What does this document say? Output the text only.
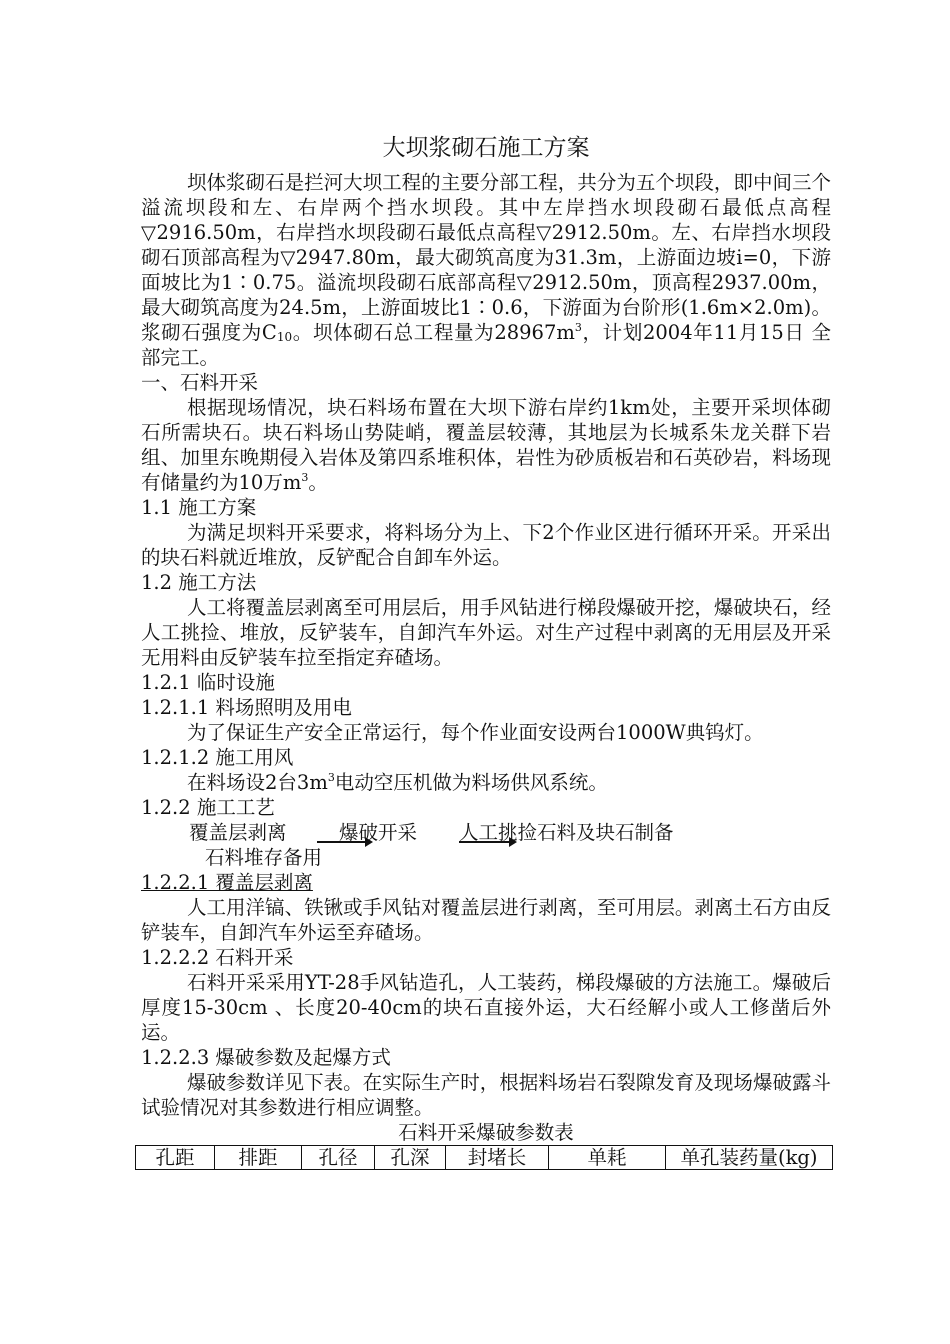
大坝浆砌石施工方案

坝体浆砌石是拦河大坝工程的主要分部工程，共分为五个坝段，即中间三个溢流坝段和左、右岸两个挡水坝段。其中左岸挡水坝段砌石最低点高程▽2916.50m，右岸挡水坝段砌石最低点高程▽2912.50m。左、右岸挡水坝段砌石顶部高程为▽2947.80m，最大砌筑高度为31.3m，上游面边坡i=0，下游面坡比为1∶0.75。溢流坝段砌石底部高程▽2912.50m，顶高程2937.00m，最大砌筑高度为24.5m，上游面坡比1∶0.6，下游面为台阶形(1.6m×2.0m)。浆砌石强度为$C_{10}$。坝体砌石总工程量为$28967m^3$，计划2004年11月15日 全部完工。

一、石料开采

根据现场情况，块石料场布置在大坝下游右岸约1km处，主要开采坝体砌石所需块石。块石料场山势陡峭，覆盖层较薄，其地层为长城系朱龙关群下岩组、加里东晚期侵入岩体及第四系堆积体，岩性为砂质板岩和石英砂岩，料场现有储量约为10万$m^3$。

1.1 施工方案

为满足坝料开采要求，将料场分为上、下2个作业区进行循环开采。开采出的块石料就近堆放，反铲配合自卸车外运。

1.2 施工方法

人工将覆盖层剥离至可用层后，用手风钻进行梯段爆破开挖，爆破块石，经人工挑捡、堆放，反铲装车，自卸汽车外运。对生产过程中剥离的无用层及开采无用料由反铲装车拉至指定弃碴场。

1.2.1 临时设施
1.2.1.1 料场照明及用电

为了保证生产安全正常运行，每个作业面安设两台1000W典钨灯。

1.2.1.2 施工用风

在料场设2台$3m^3$电动空压机做为料场供风系统。

1.2.2 施工工艺
覆盖层剥离	爆破开采 人工挑捡石料及块石制备
石料堆存备用
1.2.2.1 覆盖层剥离

人工用洋镐、铁锹或手风钻对覆盖层进行剥离，至可用层。剥离土石方由反铲装车，自卸汽车外运至弃碴场。

1.2.2.2 石料开采

石料开采采用YT-28手风钻造孔，人工装药，梯段爆破的方法施工。爆破后厚度15-30cm 、长度20-40cm的块石直接外运，大石经解小或人工修凿后外运。

1.2.2.3 爆破参数及起爆方式

爆破参数详见下表。在实际生产时，根据料场岩石裂隙发育及现场爆破露斗试验情况对其参数进行相应调整。

石料开采爆破参数表
孔距	排距	孔径	孔深	封堵长	单耗	单孔装药量(kg)
